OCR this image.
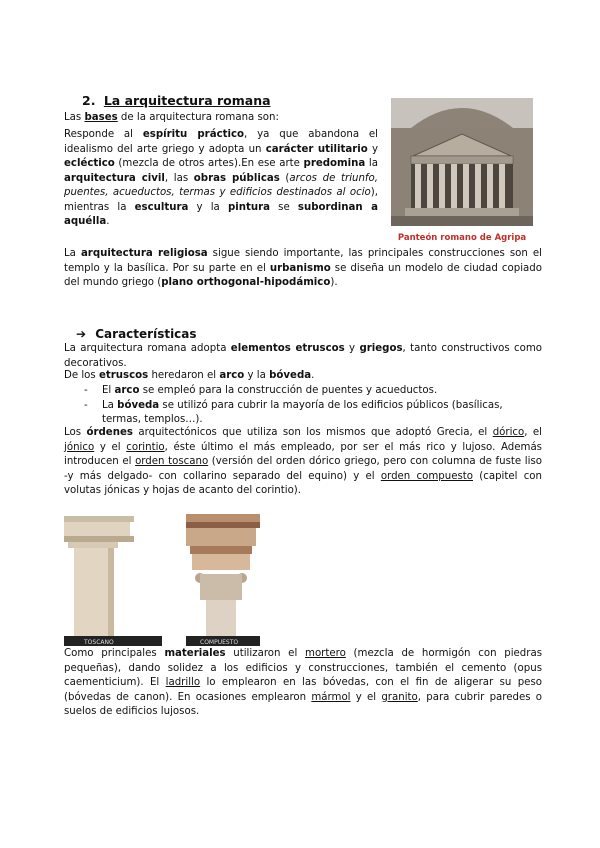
2. La arquitectura romana
Las bases de la arquitectura romana son:
Responde al espíritu práctico, ya que abandona el idealismo del arte griego y adopta un carácter utilitario y ecléctico (mezcla de otros artes).En ese arte predomina la arquitectura civil, las obras públicas (arcos de triunfo, puentes, acueductos, termas y edificios destinados al ocio), mientras la escultura y la pintura se subordinan a aquélla.
Panteón romano de Agripa
La arquitectura religiosa sigue siendo importante, las principales construcciones son el templo y la basílica. Por su parte en el urbanismo se diseña un modelo de ciudad copiado del mundo griego (plano orthogonal-hipodámico).
➔ Características
La arquitectura romana adopta elementos etruscos y griegos, tanto constructivos como decorativos.
De los etruscos heredaron el arco y la bóveda.
-	El arco se empleó para la construcción de puentes y acueductos.
-	La bóveda se utilizó para cubrir la mayoría de los edificios públicos (basílicas, termas, templos…).
Los órdenes arquitectónicos que utiliza son los mismos que adoptó Grecia, el dórico, el jónico y el corintio, éste último el más empleado, por ser el más rico y lujoso. Además introducen el orden toscano (versión del orden dórico griego, pero con columna de fuste liso -y más delgado- con collarino separado del equino) y el orden compuesto (capitel con volutas jónicas y hojas de acanto del corintio).
TOSCANO	COMPUESTO
Como principales materiales utilizaron el mortero (mezcla de hormigón con piedras pequeñas), dando solidez a los edificios y construcciones, también el cemento (opus caementicium). El ladrillo lo emplearon en las bóvedas, con el fin de aligerar su peso (bóvedas de canon). En ocasiones emplearon mármol y el granito, para cubrir paredes o suelos de edificios lujosos.
